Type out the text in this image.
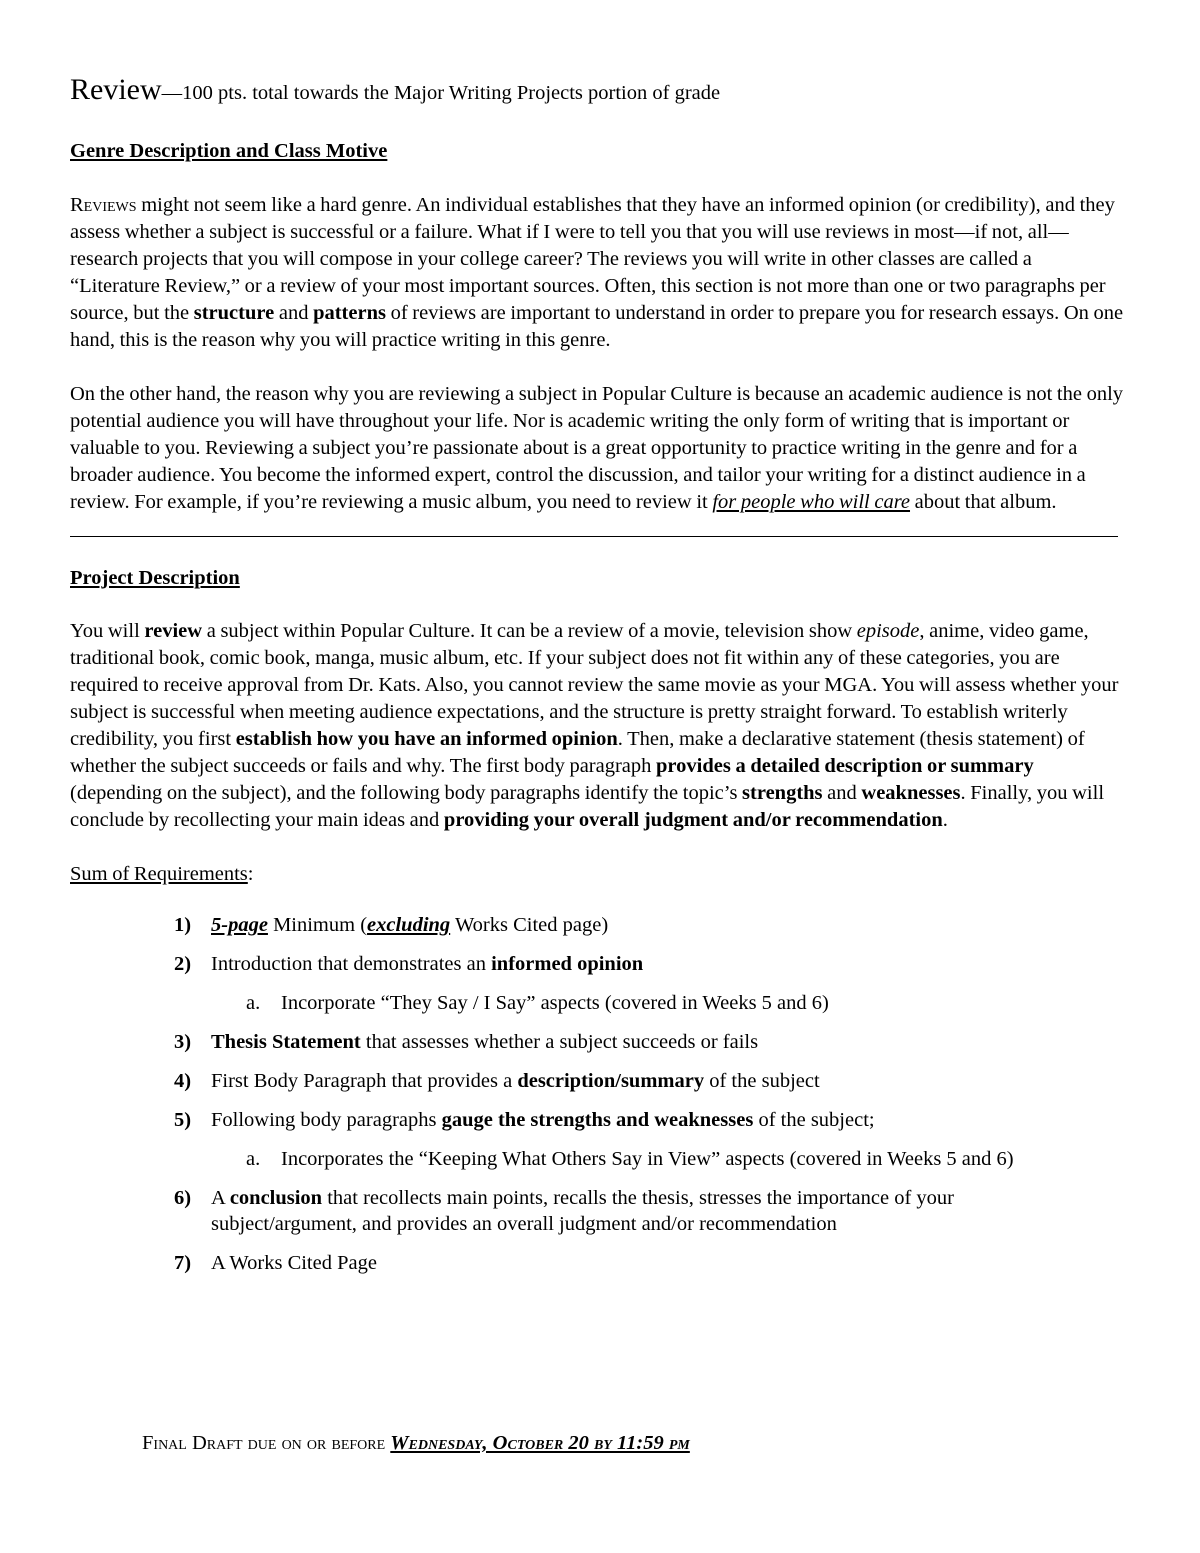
Review—100 pts. total towards the Major Writing Projects portion of grade

Genre Description and Class Motive

Reviews might not seem like a hard genre. An individual establishes that they have an informed opinion (or credibility), and they assess whether a subject is successful or a failure. What if I were to tell you that you will use reviews in most—if not, all—research projects that you will compose in your college career? The reviews you will write in other classes are called a “Literature Review,” or a review of your most important sources. Often, this section is not more than one or two paragraphs per source, but the structure and patterns of reviews are important to understand in order to prepare you for research essays. On one hand, this is the reason why you will practice writing in this genre.

On the other hand, the reason why you are reviewing a subject in Popular Culture is because an academic audience is not the only potential audience you will have throughout your life. Nor is academic writing the only form of writing that is important or valuable to you. Reviewing a subject you’re passionate about is a great opportunity to practice writing in the genre and for a broader audience. You become the informed expert, control the discussion, and tailor your writing for a distinct audience in a review. For example, if you’re reviewing a music album, you need to review it for people who will care about that album.

Project Description

You will review a subject within Popular Culture. It can be a review of a movie, television show episode, anime, video game, traditional book, comic book, manga, music album, etc. If your subject does not fit within any of these categories, you are required to receive approval from Dr. Kats. Also, you cannot review the same movie as your MGA. You will assess whether your subject is successful when meeting audience expectations, and the structure is pretty straight forward. To establish writerly credibility, you first establish how you have an informed opinion. Then, make a declarative statement (thesis statement) of whether the subject succeeds or fails and why. The first body paragraph provides a detailed description or summary (depending on the subject), and the following body paragraphs identify the topic’s strengths and weaknesses. Finally, you will conclude by recollecting your main ideas and providing your overall judgment and/or recommendation.

Sum of Requirements:

1) 5-page Minimum (excluding Works Cited page)
2) Introduction that demonstrates an informed opinion

a. Incorporate “They Say / I Say” aspects (covered in Weeks 5 and 6)

3) Thesis Statement that assesses whether a subject succeeds or fails
4) First Body Paragraph that provides a description/summary of the subject
5) Following body paragraphs gauge the strengths and weaknesses of the subject;

a. Incorporates the “Keeping What Others Say in View” aspects (covered in Weeks 5 and 6)

6) A conclusion that recollects main points, recalls the thesis, stresses the importance of your subject/argument, and provides an overall judgment and/or recommendation
7) A Works Cited Page
Final Draft due on or before Wednesday, October 20 by 11:59 pm
